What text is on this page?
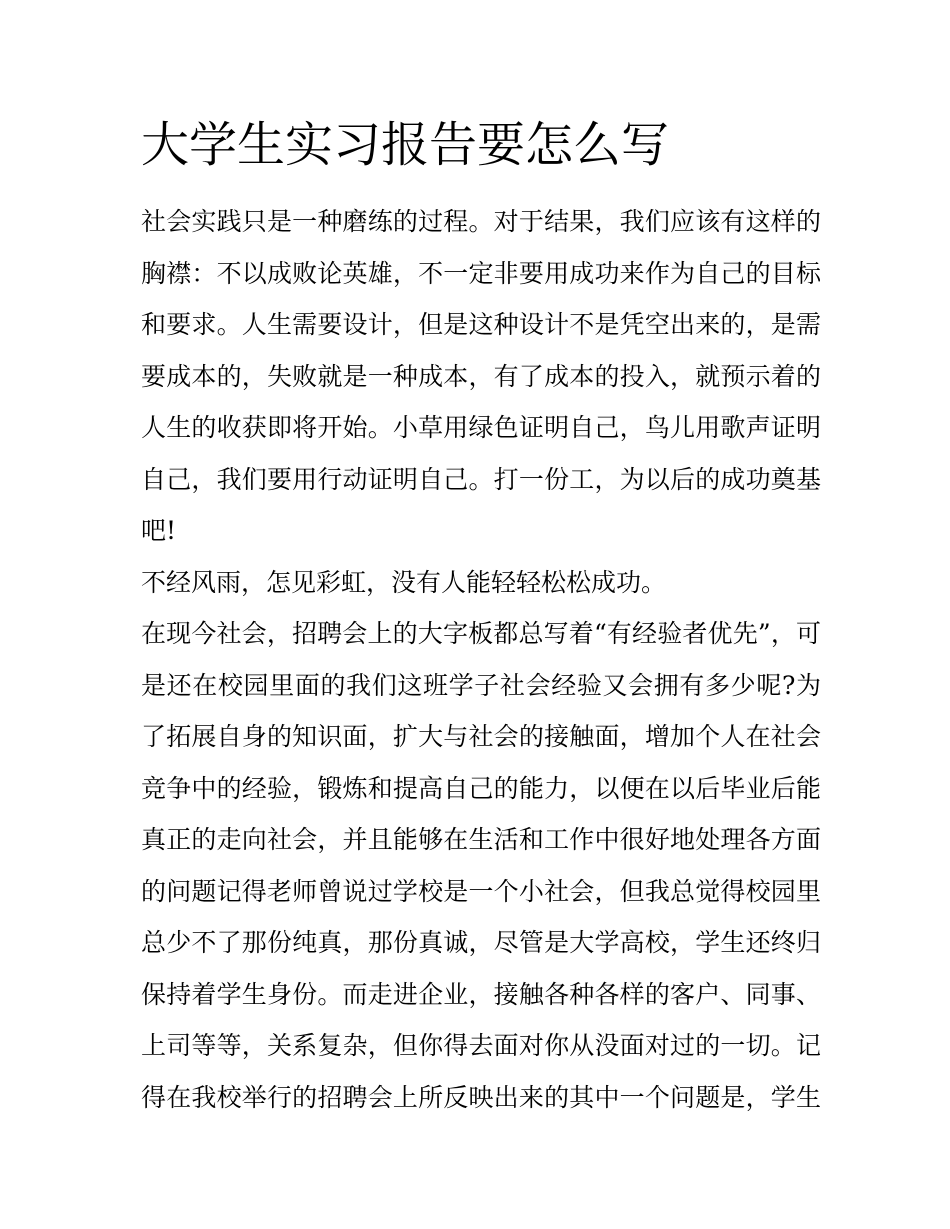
大学生实习报告要怎么写
社会实践只是一种磨练的过程。对于结果，我们应该有这样的
胸襟：不以成败论英雄，不一定非要用成功来作为自己的目标
和要求。人生需要设计，但是这种设计不是凭空出来的，是需
要成本的，失败就是一种成本，有了成本的投入，就预示着的
人生的收获即将开始。小草用绿色证明自己，鸟儿用歌声证明
自己，我们要用行动证明自己。打一份工，为以后的成功奠基
吧!
不经风雨，怎见彩虹，没有人能轻轻松松成功。
在现今社会，招聘会上的大字板都总写着“有经验者优先”，可
是还在校园里面的我们这班学子社会经验又会拥有多少呢?为
了拓展自身的知识面，扩大与社会的接触面，增加个人在社会
竞争中的经验，锻炼和提高自己的能力，以便在以后毕业后能
真正的走向社会，并且能够在生活和工作中很好地处理各方面
的问题记得老师曾说过学校是一个小社会，但我总觉得校园里
总少不了那份纯真，那份真诚，尽管是大学高校，学生还终归
保持着学生身份。而走进企业，接触各种各样的客户、同事、
上司等等，关系复杂，但你得去面对你从没面对过的一切。记
得在我校举行的招聘会上所反映出来的其中一个问题是，学生
